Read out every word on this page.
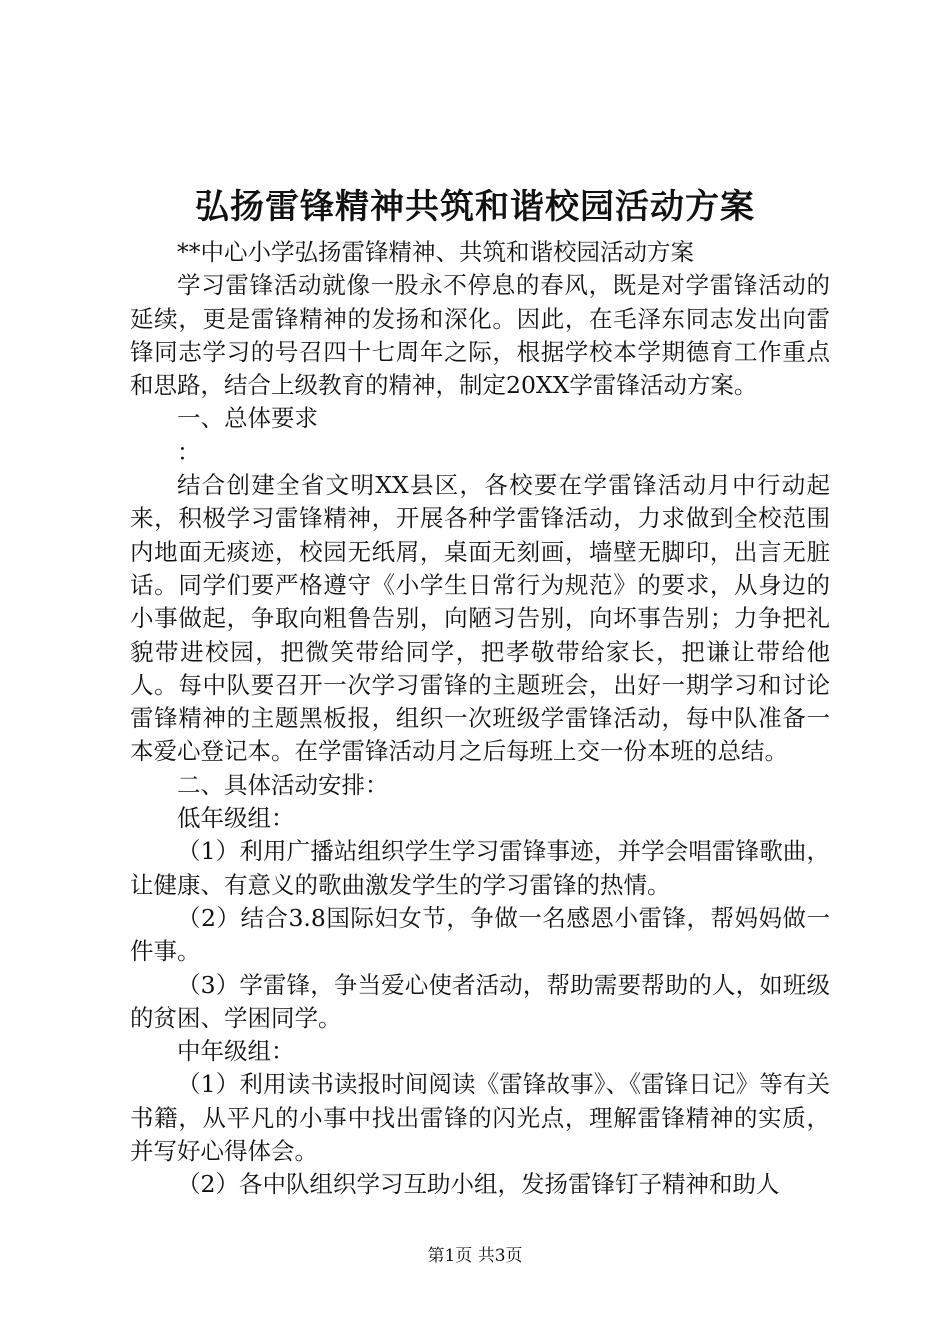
弘扬雷锋精神共筑和谐校园活动方案

**中心小学弘扬雷锋精神、共筑和谐校园活动方案

学习雷锋活动就像一股永不停息的春风，既是对学雷锋活动的延续，更是雷锋精神的发扬和深化。因此，在毛泽东同志发出向雷锋同志学习的号召四十七周年之际，根据学校本学期德育工作重点和思路，结合上级教育的精神，制定20XX学雷锋活动方案。

一、总体要求

：

结合创建全省文明XX县区，各校要在学雷锋活动月中行动起来，积极学习雷锋精神，开展各种学雷锋活动，力求做到全校范围内地面无痰迹，校园无纸屑，桌面无刻画，墙壁无脚印，出言无脏话。同学们要严格遵守《小学生日常行为规范》的要求，从身边的小事做起，争取向粗鲁告别，向陋习告别，向坏事告别；力争把礼貌带进校园，把微笑带给同学，把孝敬带给家长，把谦让带给他人。每中队要召开一次学习雷锋的主题班会，出好一期学习和讨论雷锋精神的主题黑板报，组织一次班级学雷锋活动，每中队准备一本爱心登记本。在学雷锋活动月之后每班上交一份本班的总结。

二、具体活动安排：

低年级组：

（1）利用广播站组织学生学习雷锋事迹，并学会唱雷锋歌曲，让健康、有意义的歌曲激发学生的学习雷锋的热情。

（2）结合3.8国际妇女节，争做一名感恩小雷锋，帮妈妈做一件事。

（3）学雷锋，争当爱心使者活动，帮助需要帮助的人，如班级的贫困、学困同学。

中年级组：

（1）利用读书读报时间阅读《雷锋故事》、《雷锋日记》等有关书籍，从平凡的小事中找出雷锋的闪光点，理解雷锋精神的实质，并写好心得体会。

（2）各中队组织学习互助小组，发扬雷锋钉子精神和助人

第1页 共3页
